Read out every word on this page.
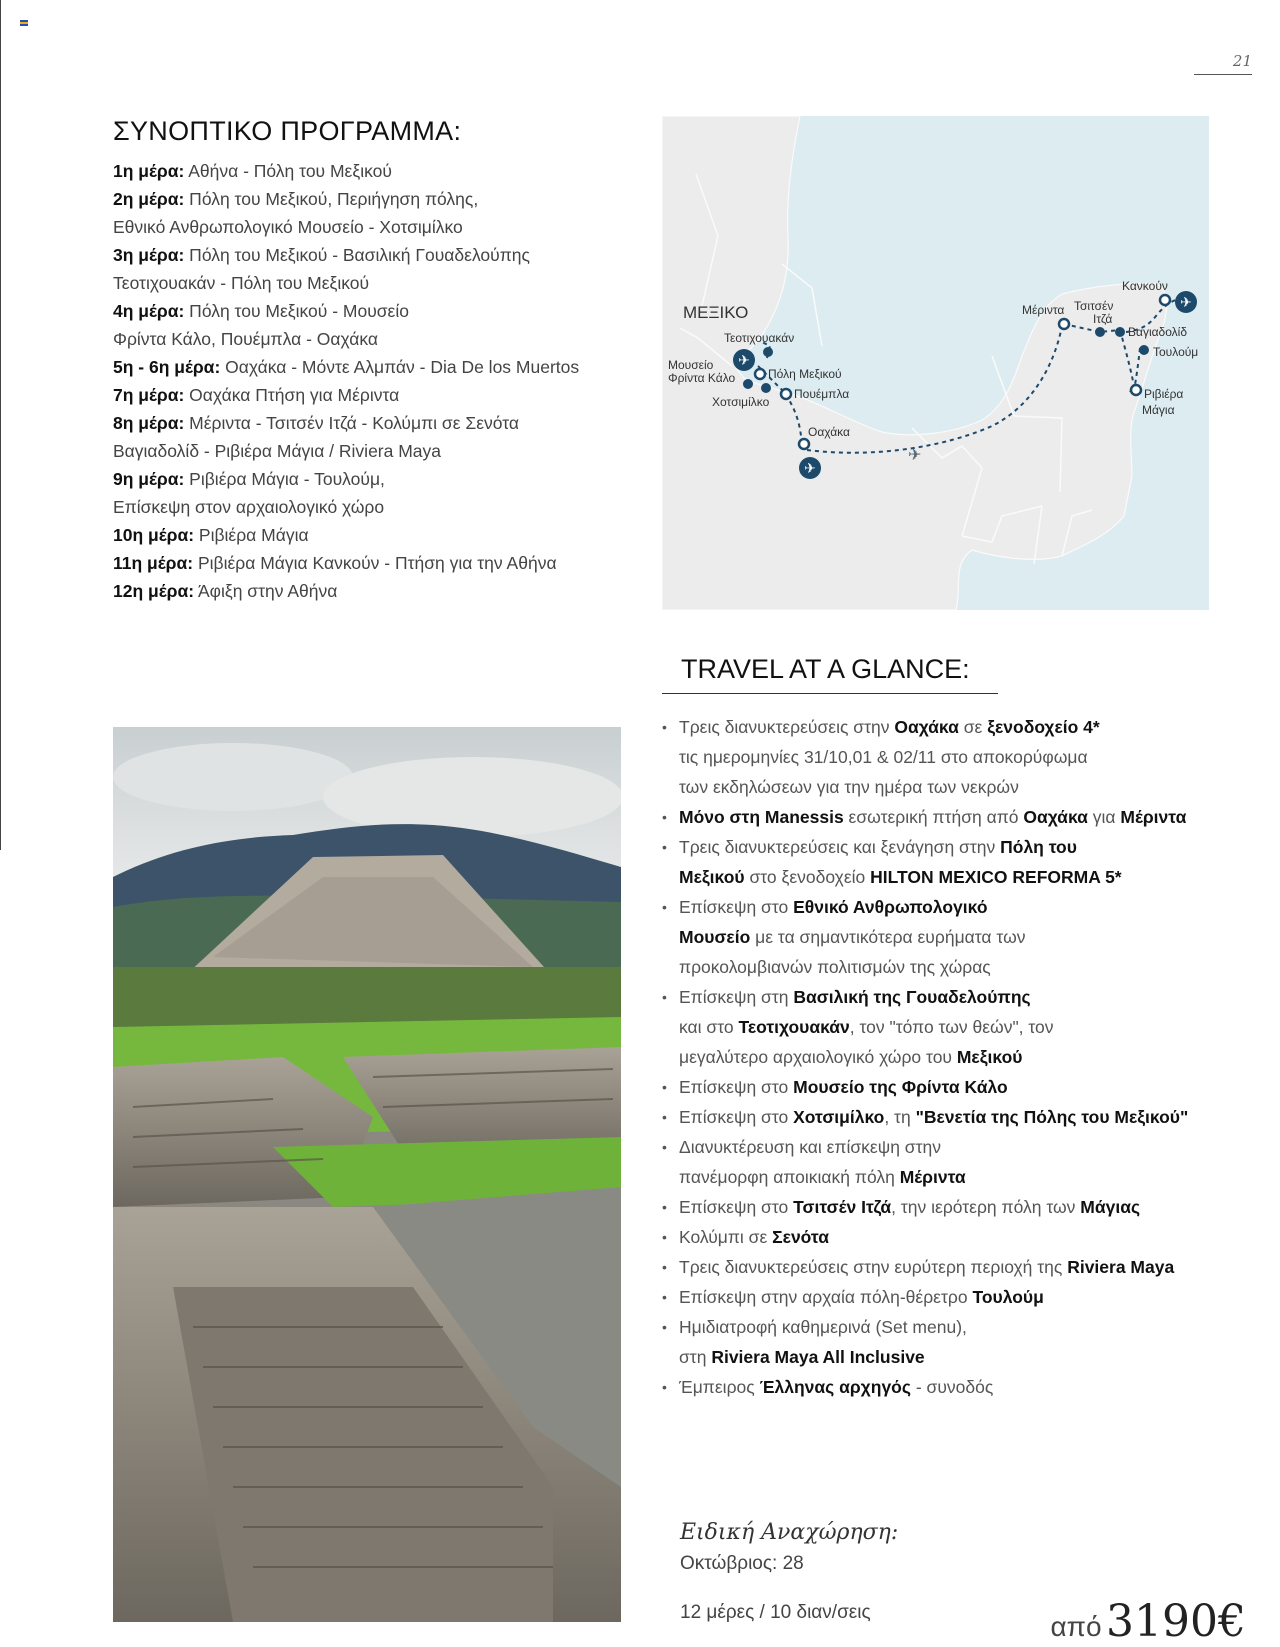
21
ΣΥΝΟΠΤΙΚΟ ΠΡΟΓΡΑΜΜΑ:
1η μέρα: Αθήνα - Πόλη του Μεξικού
2η μέρα: Πόλη του Μεξικού, Περιήγηση πόλης,
Εθνικό Ανθρωπολογικό Μουσείο - Χοτσιμίλκο
3η μέρα: Πόλη του Μεξικού - Βασιλική Γουαδελούπης
Τεοτιχουακάν - Πόλη του Μεξικού
4η μέρα: Πόλη του Μεξικού - Μουσείο
Φρίντα Κάλο, Πουέμπλα - Οαχάκα
5η - 6η μέρα: Οαχάκα - Μόντε Αλμπάν - Dia De los Muertos
7η μέρα: Οαχάκα Πτήση για Μέριντα
8η μέρα: Μέριντα - Τσιτσέν Ιτζά - Κολύμπι σε Σενότα
Βαγιαδολίδ - Ριβιέρα Μάγια / Riviera Maya
9η μέρα: Ριβιέρα Μάγια - Τουλούμ,
Επίσκεψη στον αρχαιολογικό χώρο
10η μέρα: Ριβιέρα Μάγια
11η μέρα: Ριβιέρα Μάγια Κανκούν - Πτήση για την Αθήνα
12η μέρα: Άφιξη στην Αθήνα
✈
✈
✈
✈
ΜΕΞΙΚΟ
Τεοτιχουακάν
Μουσείο
Φρίντα Κάλο	Πόλη Μεξικού
Χοτσιμίλκο
Πουέμπλα
Οαχάκα
Μέριντα Τσιτσέν
Ιτζά
Κανκούν
Βαγιαδολίδ
Τουλούμ
Ριβιέρα
Μάγια
TRAVEL AT A GLANCE:
• Τρεις διανυκτερεύσεις στην Οαχάκα σε ξενοδοχείο 4*
τις ημερομηνίες 31/10,01 & 02/11 στο αποκορύφωμα
των εκδηλώσεων για την ημέρα των νεκρών
• Μόνο στη Manessis εσωτερική πτήση από Οαχάκα για Μέριντα
• Τρεις διανυκτερεύσεις και ξενάγηση στην Πόλη του
Μεξικού στο ξενοδοχείο HILTON MEXICO REFORMA 5*
• Επίσκεψη στο Εθνικό Ανθρωπολογικό
Μουσείο με τα σημαντικότερα ευρήματα των
προκολομβιανών πολιτισμών της χώρας
• Επίσκεψη στη Βασιλική της Γουαδελούπης
και στο Τεοτιχουακάν, τον "τόπο των θεών", τον
μεγαλύτερο αρχαιολογικό χώρο του Μεξικού
• Επίσκεψη στο Μουσείο της Φρίντα Κάλο
• Επίσκεψη στο Χοτσιμίλκο, τη "Βενετία της Πόλης του Μεξικού"
• Διανυκτέρευση και επίσκεψη στην
πανέμορφη αποικιακή πόλη Μέριντα
• Επίσκεψη στο Τσιτσέν Ιτζά, την ιερότερη πόλη των Μάγιας
• Κολύμπι σε Σενότα
• Τρεις διανυκτερεύσεις στην ευρύτερη περιοχή της Riviera Maya
• Επίσκεψη στην αρχαία πόλη-θέρετρο Τουλούμ
• Ημιδιατροφή καθημερινά (Set menu),
στη Riviera Maya All Inclusive
• Έμπειρος Έλληνας αρχηγός - συνοδός
Ειδική Αναχώρηση:
Οκτώβριος: 28
12 μέρες / 10 διαν/σεις	από 3190€
